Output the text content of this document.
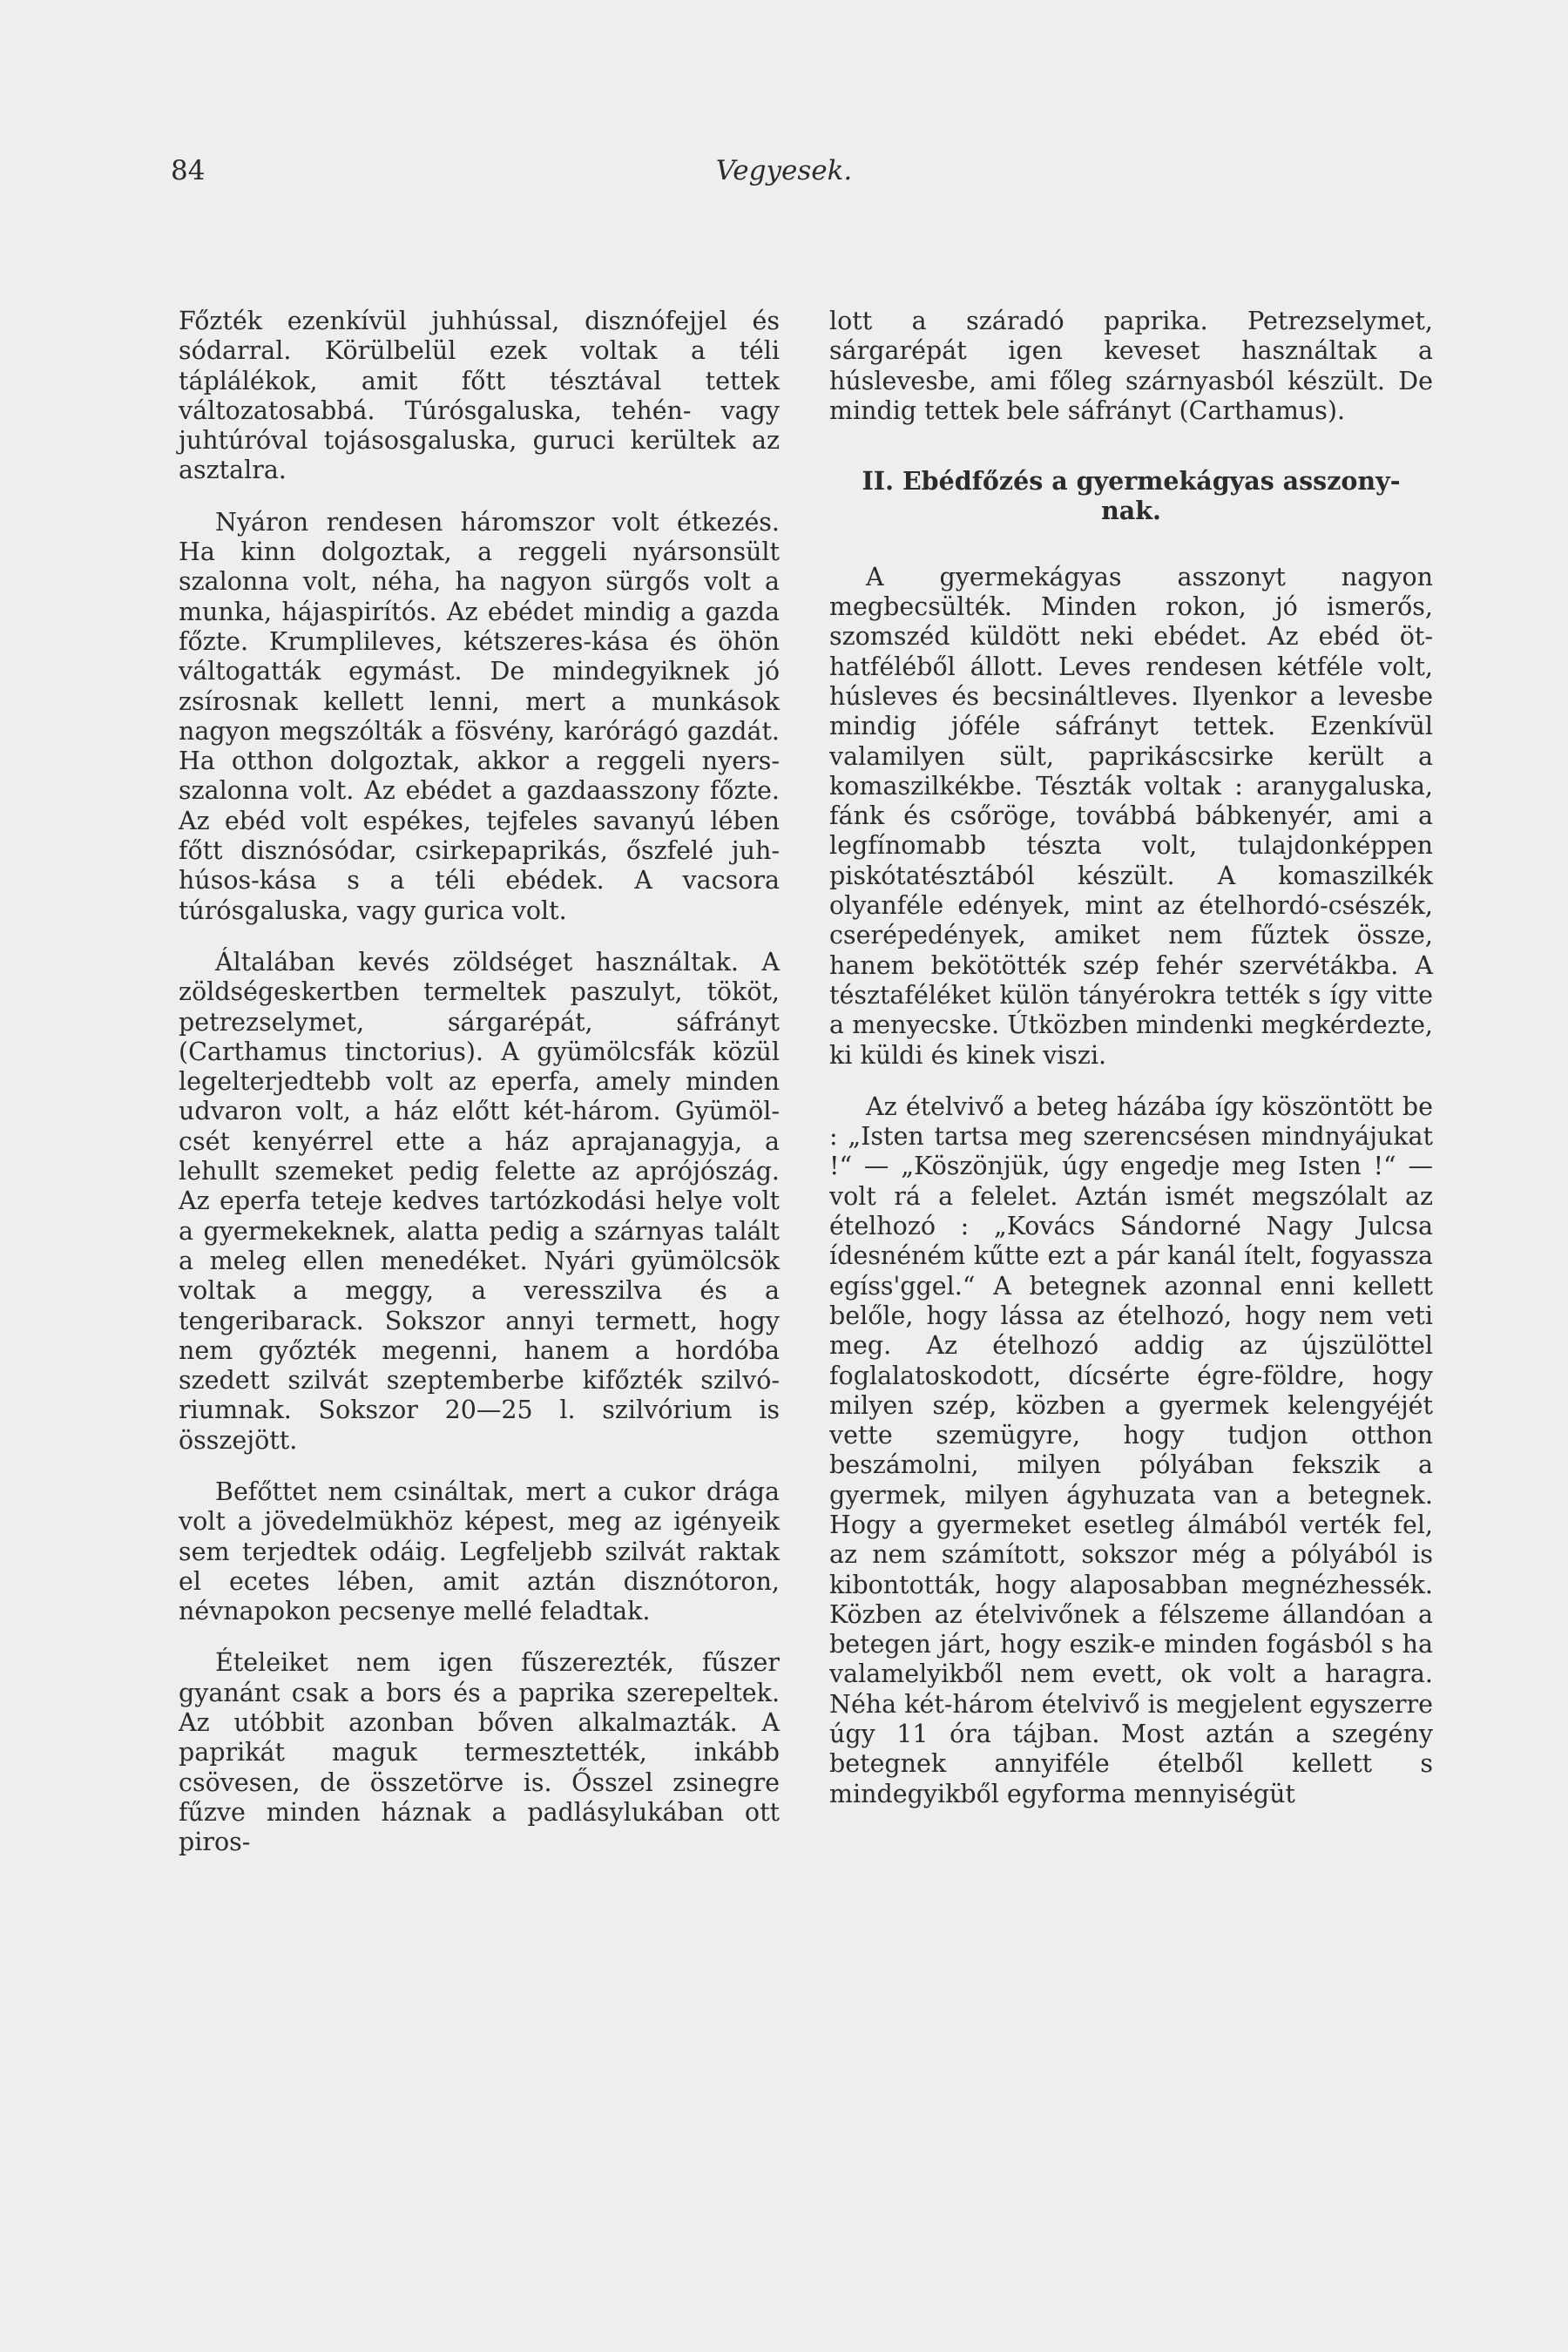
Vegyesek.
84

Főzték ezenkívül juhhússal, disznófejjel és sódarral. Körülbelül ezek voltak a téli táplálékok, amit főtt tésztával tettek változatosabbá. Túrósgaluska, tehén- vagy juhtúróval tojásosgaluska, guruci kerültek az asztalra.

Nyáron rendesen háromszor volt étkezés. Ha kinn dolgoztak, a reggeli nyársonsült szalonna volt, néha, ha nagyon sürgős volt a munka, hájaspirítós. Az ebédet mindig a gazda főzte. Krumplileves, kétszeres-kása és öhön váltogatták egymást. De mindegyiknek jó zsírosnak kellett lenni, mert a munkások nagyon megszólták a fösvény, karórágó gazdát. Ha otthon dolgoztak, akkor a reggeli nyersszalonna volt. Az ebédet a gazdaasszony főzte. Az ebéd volt espékes, tejfeles savanyú lében főtt disznósódar, csirkepaprikás, őszfelé juhhúsos-kása s a téli ebédek. A vacsora túrósgaluska, vagy gurica volt.

Általában kevés zöldséget használtak. A zöldségeskertben termeltek paszulyt, tököt, petrezselymet, sárgarépát, sáfrányt (Carthamus tinctorius). A gyümölcsfák közül legelterjedtebb volt az eperfa, amely minden udvaron volt, a ház előtt két-három. Gyümölcsét kenyérrel ette a ház aprajanagyja, a lehullt szemeket pedig felette az aprójószág. Az eperfa teteje kedves tartózkodási helye volt a gyermekeknek, alatta pedig a szárnyas talált a meleg ellen menedéket. Nyári gyümölcsök voltak a meggy, a veresszilva és a tengeribarack. Sokszor annyi termett, hogy nem győzték megenni, hanem a hordóba szedett szilvát szeptemberbe kifőzték szilvóriumnak. Sokszor 20—25 l. szilvórium is összejött.

Befőttet nem csináltak, mert a cukor drága volt a jövedelmükhöz képest, meg az igényeik sem terjedtek odáig. Legfeljebb szilvát raktak el ecetes lében, amit aztán disznótoron, névnapokon pecsenye mellé feladtak.

Ételeiket nem igen fűszerezték, fűszer gyanánt csak a bors és a paprika szerepeltek. Az utóbbit azonban bőven alkalmazták. A paprikát maguk termesztették, inkább csövesen, de összetörve is. Ősszel zsinegre fűzve minden háznak a padlásylukában ott piros-

lott a száradó paprika. Petrezselymet, sárgarépát igen keveset használtak a húslevesbe, ami főleg szárnyasból készült. De mindig tettek bele sáfrányt (Carthamus).

II. Ebédfőzés a gyermekágyas asszonynak.

A gyermekágyas asszonyt nagyon megbecsülték. Minden rokon, jó ismerős, szomszéd küldött neki ebédet. Az ebéd öt-hatféléből állott. Leves rendesen kétféle volt, húsleves és becsináltleves. Ilyenkor a levesbe mindig jóféle sáfrányt tettek. Ezenkívül valamilyen sült, paprikáscsirke került a komaszilkékbe. Tészták voltak : aranygaluska, fánk és csőröge, továbbá bábkenyér, ami a legfínomabb tészta volt, tulajdonképpen piskótatésztából készült. A komaszilkék olyanféle edények, mint az ételhordó-csészék, cserépedények, amiket nem fűztek össze, hanem bekötötték szép fehér szervétákba. A tésztaféléket külön tányérokra tették s így vitte a menyecske. Útközben mindenki megkérdezte, ki küldi és kinek viszi.

Az ételvivő a beteg házába így köszöntött be : „Isten tartsa meg szerencsésen mindnyájukat !“ — „Köszönjük, úgy engedje meg Isten !“ — volt rá a felelet. Aztán ismét megszólalt az ételhozó : „Kovács Sándorné Nagy Julcsa ídesnéném kűtte ezt a pár kanál ítelt, fogyassza egíss'ggel.“ A betegnek azonnal enni kellett belőle, hogy lássa az ételhozó, hogy nem veti meg. Az ételhozó addig az újszülöttel foglalatoskodott, dícsérte égre-földre, hogy milyen szép, közben a gyermek kelengyéjét vette szemügyre, hogy tudjon otthon beszámolni, milyen pólyában fekszik a gyermek, milyen ágyhuzata van a betegnek. Hogy a gyermeket esetleg álmából verték fel, az nem számított, sokszor még a pólyából is kibontották, hogy alaposabban megnézhessék. Közben az ételvivőnek a félszeme állandóan a betegen járt, hogy eszik-e minden fogásból s ha valamelyikből nem evett, ok volt a haragra. Néha két-három ételvivő is megjelent egyszerre úgy 11 óra tájban. Most aztán a szegény betegnek annyiféle ételből kellett s mindegyikből egyforma mennyiségüt
